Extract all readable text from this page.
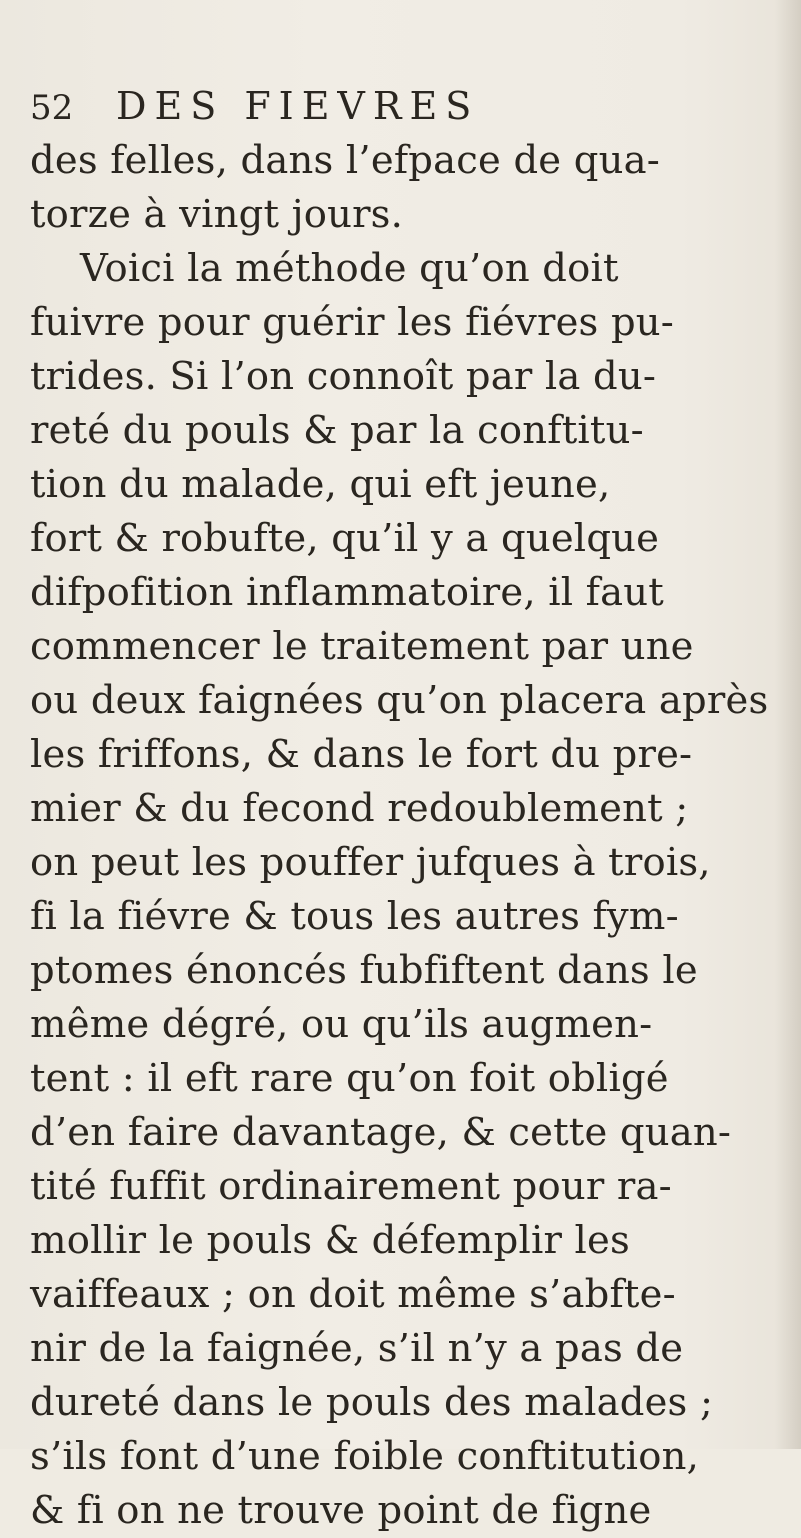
52 DES FIEVRES
des felles, dans l’efpace de qua-
torze à vingt jours.
Voici la méthode qu’on doit
fuivre pour guérir les fiévres pu-
trides. Si l’on connoît par la du-
reté du pouls & par la conftitu-
tion du malade, qui eft jeune,
fort & robufte, qu’il y a quelque
difpofition inflammatoire, il faut
commencer le traitement par une
ou deux faignées qu’on placera après
les friffons, & dans le fort du pre-
mier & du fecond redoublement ;
on peut les pouffer jufques à trois,
fi la fiévre & tous les autres fym-
ptomes énoncés fubfiftent dans le
même dégré, ou qu’ils augmen-
tent : il eft rare qu’on foit obligé
d’en faire davantage, & cette quan-
tité fuffit ordinairement pour ra-
mollir le pouls & défemplir les
vaiffeaux ; on doit même s’abfte-
nir de la faignée, s’il n’y a pas de
dureté dans le pouls des malades ;
s’ils font d’une foible conftitution,
& fi on ne trouve point de figne
